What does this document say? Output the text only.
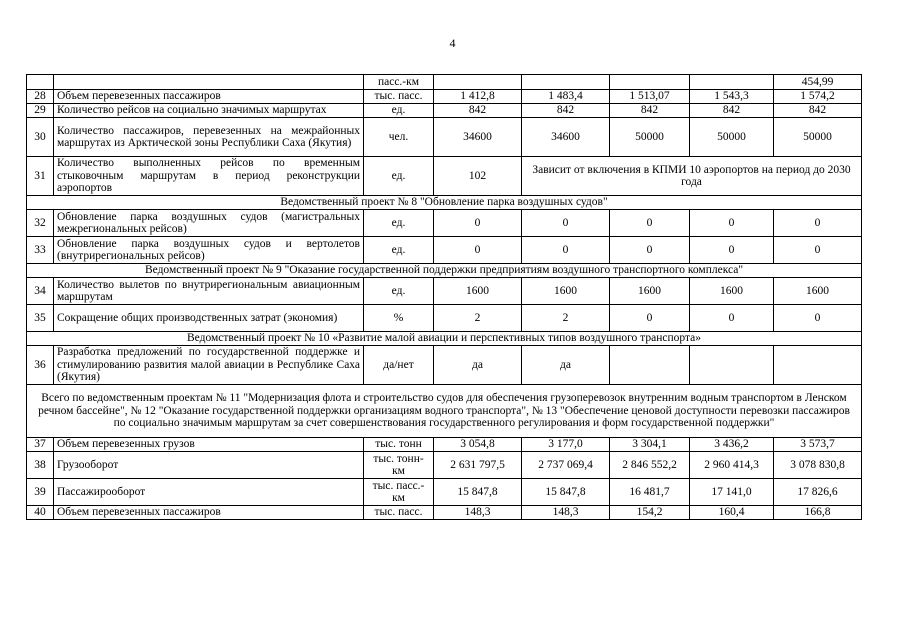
4
		пасс.-км					454,99
28	Объем перевезенных пассажиров	тыс. пасс.	1 412,8	1 483,4	1 513,07	1 543,3	1 574,2
29	Количество рейсов на социально значимых маршрутах	ед.	842	842	842	842	842
30	Количество пассажиров, перевезенных на межрайонных маршрутах из Арктической зоны Республики Саха (Якутия)	чел.	34600	34600	50000	50000	50000
31	Количество выполненных рейсов по временным стыковочным маршрутам в период реконструкции аэропортов	ед.	102	Зависит от включения в КПМИ 10 аэропортов на период до 2030 года			
Ведомственный проект № 8 "Обновление парка воздушных судов"							
32	Обновление парка воздушных судов (магистральных межрегиональных рейсов)	ед.	0	0	0	0	0
33	Обновление парка воздушных судов и вертолетов (внутрирегиональных рейсов)	ед.	0	0	0	0	0
Ведомственный проект № 9 "Оказание государственной поддержки предприятиям воздушного транспортного комплекса"							
34	Количество вылетов по внутрирегиональным авиационным маршрутам	ед.	1600	1600	1600	1600	1600
35	Сокращение общих производственных затрат (экономия)	%	2	2	0	0	0
Ведомственный проект № 10 «Развитие малой авиации и перспективных типов воздушного транспорта»							
36	Разработка предложений по государственной поддержке и стимулированию развития малой авиации в Республике Саха (Якутия)	да/нет	да	да			
Всего по ведомственным проектам № 11 "Модернизация флота и строительство судов для обеспечения грузоперевозок внутренним водным транспортом в Ленском речном бассейне", № 12 "Оказание государственной поддержки организациям водного транспорта", № 13 "Обеспечение ценовой доступности перевозки пассажиров по социально значимым маршрутам за счет совершенствования государственного регулирования и форм государственной поддержки"							
37	Объем перевезенных грузов	тыс. тонн	3 054,8	3 177,0	3 304,1	3 436,2	3 573,7
38	Грузооборот	тыс. тонн-км	2 631 797,5	2 737 069,4	2 846 552,2	2 960 414,3	3 078 830,8
39	Пассажирооборот	тыс. пасс.-км	15 847,8	15 847,8	16 481,7	17 141,0	17 826,6
40	Объем перевезенных пассажиров	тыс. пасс.	148,3	148,3	154,2	160,4	166,8
